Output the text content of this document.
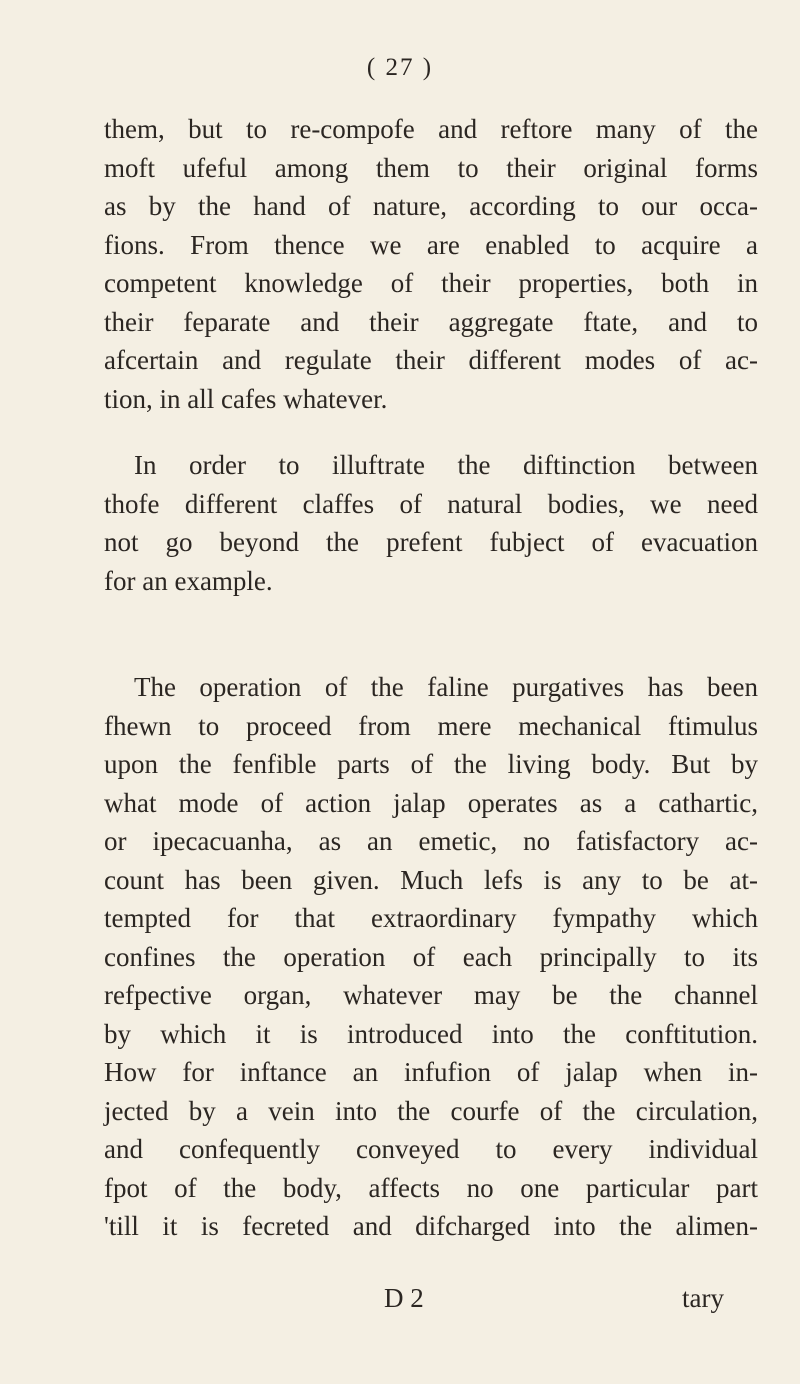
( 27 )
them, but to re-compofe and reftore many of the
moft ufeful among them to their original forms
as by the hand of nature, according to our occa-
fions. From thence we are enabled to acquire a
competent knowledge of their properties, both in
their feparate and their aggregate ftate, and to
afcertain and regulate their different modes of ac-
tion, in all cafes whatever.
In order to illuftrate the diftinction between
thofe different claffes of natural bodies, we need
not go beyond the prefent fubject of evacuation
for an example.
The operation of the faline purgatives has been
fhewn to proceed from mere mechanical ftimulus
upon the fenfible parts of the living body. But by
what mode of action jalap operates as a cathartic,
or ipecacuanha, as an emetic, no fatisfactory ac-
count has been given. Much lefs is any to be at-
tempted for that extraordinary fympathy which
confines the operation of each principally to its
refpective organ, whatever may be the channel
by which it is introduced into the conftitution.
How for inftance an infufion of jalap when in-
jected by a vein into the courfe of the circulation,
and confequently conveyed to every individual
fpot of the body, affects no one particular part
'till it is fecreted and difcharged into the alimen-
D 2	tary
